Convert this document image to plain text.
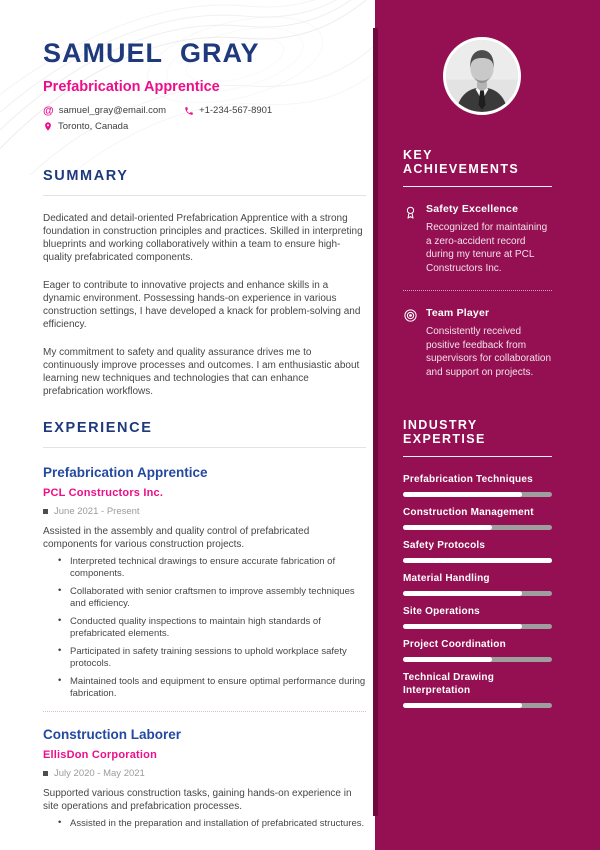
SAMUEL GRAY
Prefabrication Apprentice
@ samuel_gray@email.com	+1-234-567-8901
Toronto, Canada
SUMMARY

Dedicated and detail-oriented Prefabrication Apprentice with a strong foundation in construction principles and practices. Skilled in interpreting blueprints and working collaboratively within a team to ensure high-quality prefabricated components.

Eager to contribute to innovative projects and enhance skills in a dynamic environment. Possessing hands-on experience in various construction settings, I have developed a knack for problem-solving and efficiency.

My commitment to safety and quality assurance drives me to continuously improve processes and outcomes. I am enthusiastic about learning new techniques and technologies that can enhance prefabrication workflows.

EXPERIENCE
Prefabrication Apprentice
PCL Constructors Inc.
June 2021 - Present

Assisted in the assembly and quality control of prefabricated components for various construction projects.

• Interpreted technical drawings to ensure accurate fabrication of components.
• Collaborated with senior craftsmen to improve assembly techniques and efficiency.
• Conducted quality inspections to maintain high standards of prefabricated elements.
• Participated in safety training sessions to uphold workplace safety protocols.
• Maintained tools and equipment to ensure optimal performance during fabrication.
Construction Laborer
EllisDon Corporation
July 2020 - May 2021

Supported various construction tasks, gaining hands-on experience in site operations and prefabrication processes.

• Assisted in the preparation and installation of prefabricated structures.
KEY ACHIEVEMENTS
Safety Excellence
Recognized for maintaining a zero-accident record during my tenure at PCL Constructors Inc.
Team Player
Consistently received positive feedback from supervisors for collaboration and support on projects.
INDUSTRY EXPERTISE
Prefabrication Techniques
Construction Management
Safety Protocols
Material Handling
Site Operations
Project Coordination
Technical Drawing Interpretation
